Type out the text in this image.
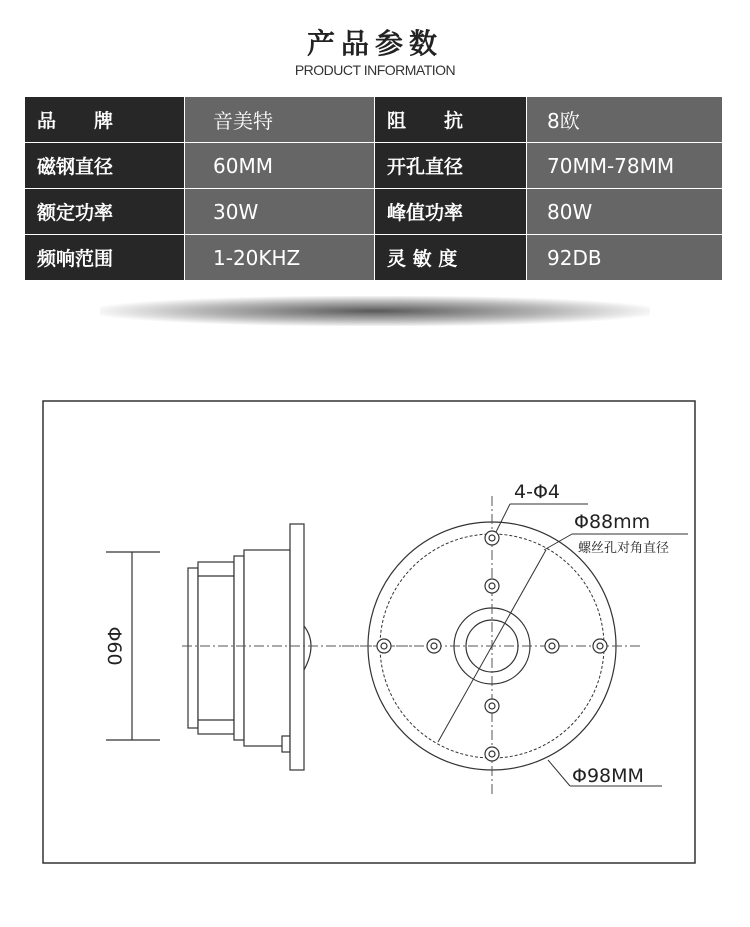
产品参数
PRODUCT INFORMATION
品　　牌	音美特	阻　　抗	8欧
磁钢直径	60MM	开孔直径	70MM-78MM
额定功率	30W	峰值功率	80W
频响范围	1-20KHZ	灵 敏 度	92DB
Φ60
4-Φ4
Φ88mm
螺丝孔对角直径
Φ98MM
